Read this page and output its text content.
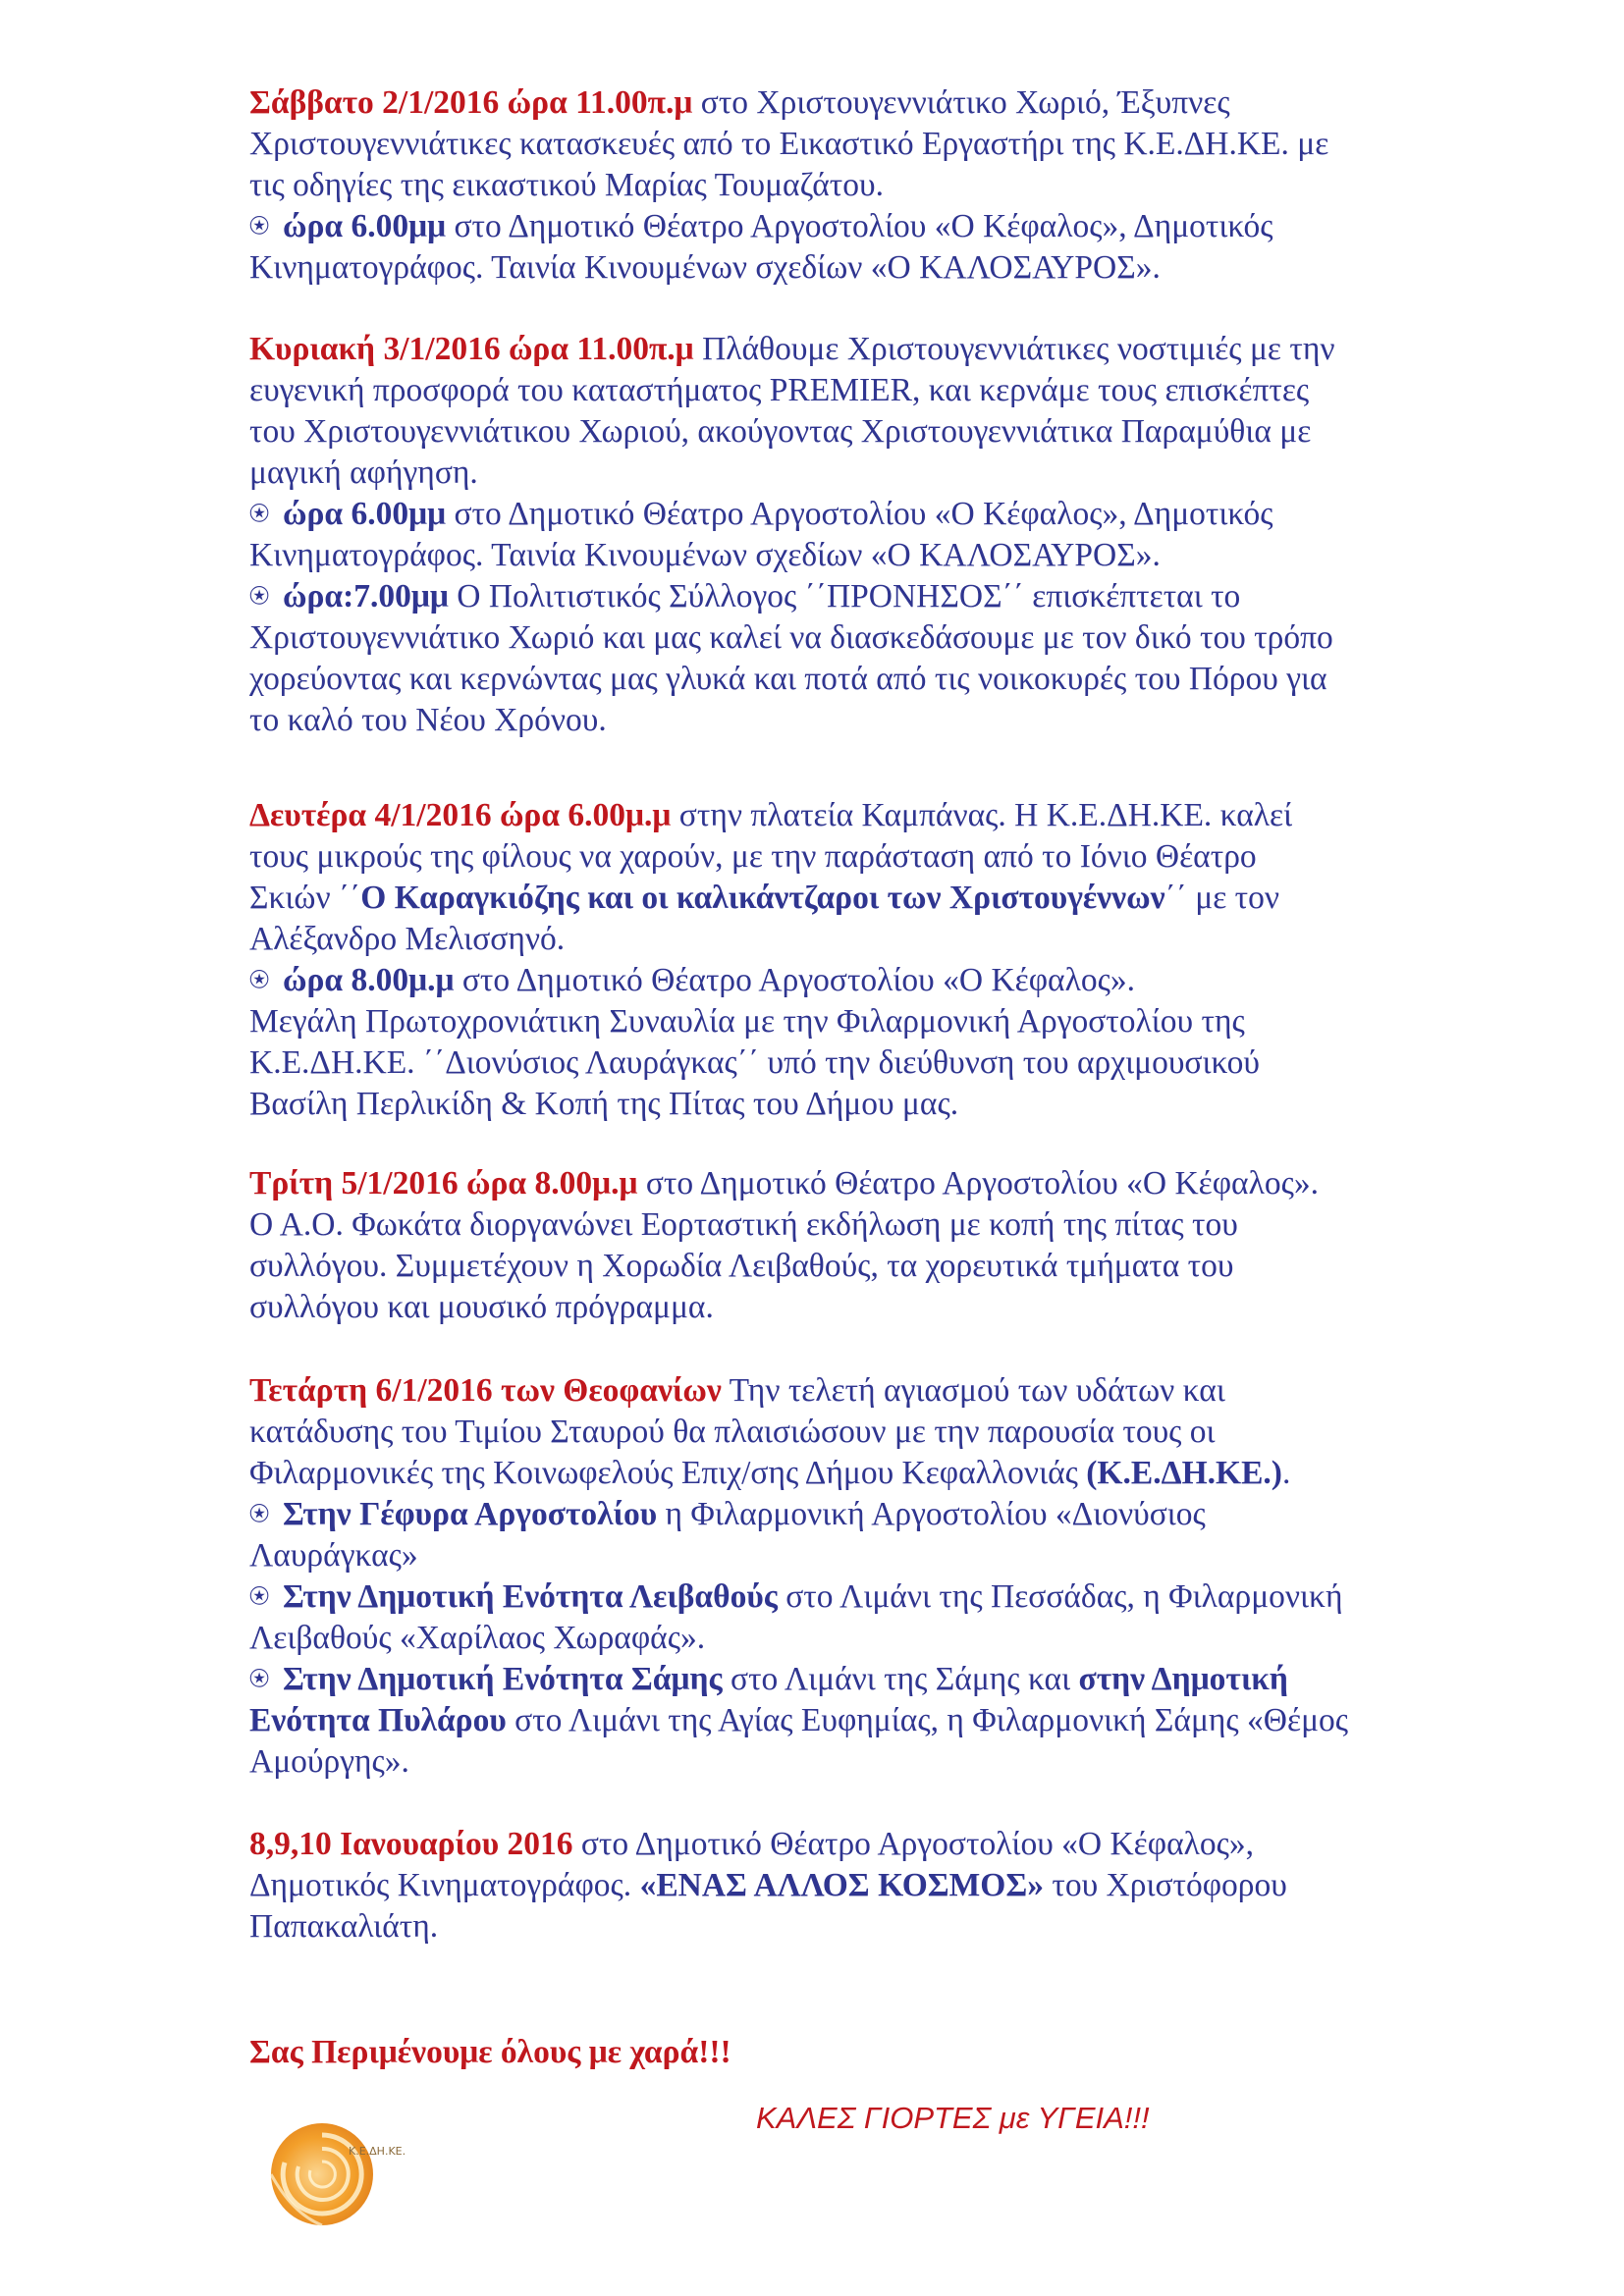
Σάββατο 2/1/2016 ώρα 11.00π.μ στο Χριστουγεννιάτικο Χωριό, Έξυπνες
Χριστουγεννιάτικες κατασκευές από το Εικαστικό Εργαστήρι της Κ.Ε.ΔΗ.ΚΕ. με
τις οδηγίες της εικαστικού Μαρίας Τουμαζάτου.
⍟ ώρα 6.00μμ στο Δημοτικό Θέατρο Αργοστολίου «Ο Κέφαλος», Δημοτικός
Κινηματογράφος. Ταινία Κινουμένων σχεδίων «Ο ΚΑΛΟΣΑΥΡΟΣ».
Κυριακή 3/1/2016 ώρα 11.00π.μ Πλάθουμε Χριστουγεννιάτικες νοστιμιές με την
ευγενική προσφορά του καταστήματος PREMIER, και κερνάμε τους επισκέπτες
του Χριστουγεννιάτικου Χωριού, ακούγοντας Χριστουγεννιάτικα Παραμύθια με
μαγική αφήγηση.
⍟ ώρα 6.00μμ στο Δημοτικό Θέατρο Αργοστολίου «Ο Κέφαλος», Δημοτικός
Κινηματογράφος. Ταινία Κινουμένων σχεδίων «Ο ΚΑΛΟΣΑΥΡΟΣ».
⍟ ώρα:7.00μμ Ο Πολιτιστικός Σύλλογος ΄΄ΠΡΟΝΗΣΟΣ΄΄ επισκέπτεται το
Χριστουγεννιάτικο Χωριό και μας καλεί να διασκεδάσουμε με τον δικό του τρόπο
χορεύοντας και κερνώντας μας γλυκά και ποτά από τις νοικοκυρές του Πόρου για
το καλό του Νέου Χρόνου.
Δευτέρα 4/1/2016 ώρα 6.00μ.μ στην πλατεία Καμπάνας. Η Κ.Ε.ΔΗ.ΚΕ. καλεί
τους μικρούς της φίλους να χαρούν, με την παράσταση από το Ιόνιο Θέατρο
Σκιών ΄΄Ο Καραγκιόζης και οι καλικάντζαροι των Χριστουγέννων΄΄ με τον
Αλέξανδρο Μελισσηνό.
⍟ ώρα 8.00μ.μ στο Δημοτικό Θέατρο Αργοστολίου «Ο Κέφαλος».
Μεγάλη Πρωτοχρονιάτικη Συναυλία με την Φιλαρμονική Αργοστολίου της
Κ.Ε.ΔΗ.ΚΕ. ΄΄Διονύσιος Λαυράγκας΄΄ υπό την διεύθυνση του αρχιμουσικού
Βασίλη Περλικίδη & Κοπή της Πίτας του Δήμου μας.
Τρίτη 5/1/2016 ώρα 8.00μ.μ στο Δημοτικό Θέατρο Αργοστολίου «Ο Κέφαλος».
Ο Α.Ο. Φωκάτα διοργανώνει Εορταστική εκδήλωση με κοπή της πίτας του
συλλόγου. Συμμετέχουν η Χορωδία Λειβαθούς, τα χορευτικά τμήματα του
συλλόγου και μουσικό πρόγραμμα.
Τετάρτη 6/1/2016 των Θεοφανίων Την τελετή αγιασμού των υδάτων και
κατάδυσης του Τιμίου Σταυρού θα πλαισιώσουν με την παρουσία τους οι
Φιλαρμονικές της Κοινωφελούς Επιχ/σης Δήμου Κεφαλλονιάς (Κ.Ε.ΔΗ.ΚΕ.).
⍟ Στην Γέφυρα Αργοστολίου η Φιλαρμονική Αργοστολίου «Διονύσιος
Λαυράγκας»
⍟ Στην Δημοτική Ενότητα Λειβαθούς στο Λιμάνι της Πεσσάδας, η Φιλαρμονική
Λειβαθούς «Χαρίλαος Χωραφάς».
⍟ Στην Δημοτική Ενότητα Σάμης στο Λιμάνι της Σάμης και στην Δημοτική
Ενότητα Πυλάρου στο Λιμάνι της Αγίας Ευφημίας, η Φιλαρμονική Σάμης «Θέμος
Αμούργης».
8,9,10 Ιανουαρίου 2016 στο Δημοτικό Θέατρο Αργοστολίου «Ο Κέφαλος»,
Δημοτικός Κινηματογράφος. «ΕΝΑΣ ΑΛΛΟΣ ΚΟΣΜΟΣ» του Χριστόφορου
Παπακαλιάτη.
Σας Περιμένουμε όλους με χαρά!!!
ΚΑΛΕΣ ΓΙΟΡΤΕΣ με ΥΓΕΙΑ!!!
Κ.Ε.ΔΗ.ΚΕ.
